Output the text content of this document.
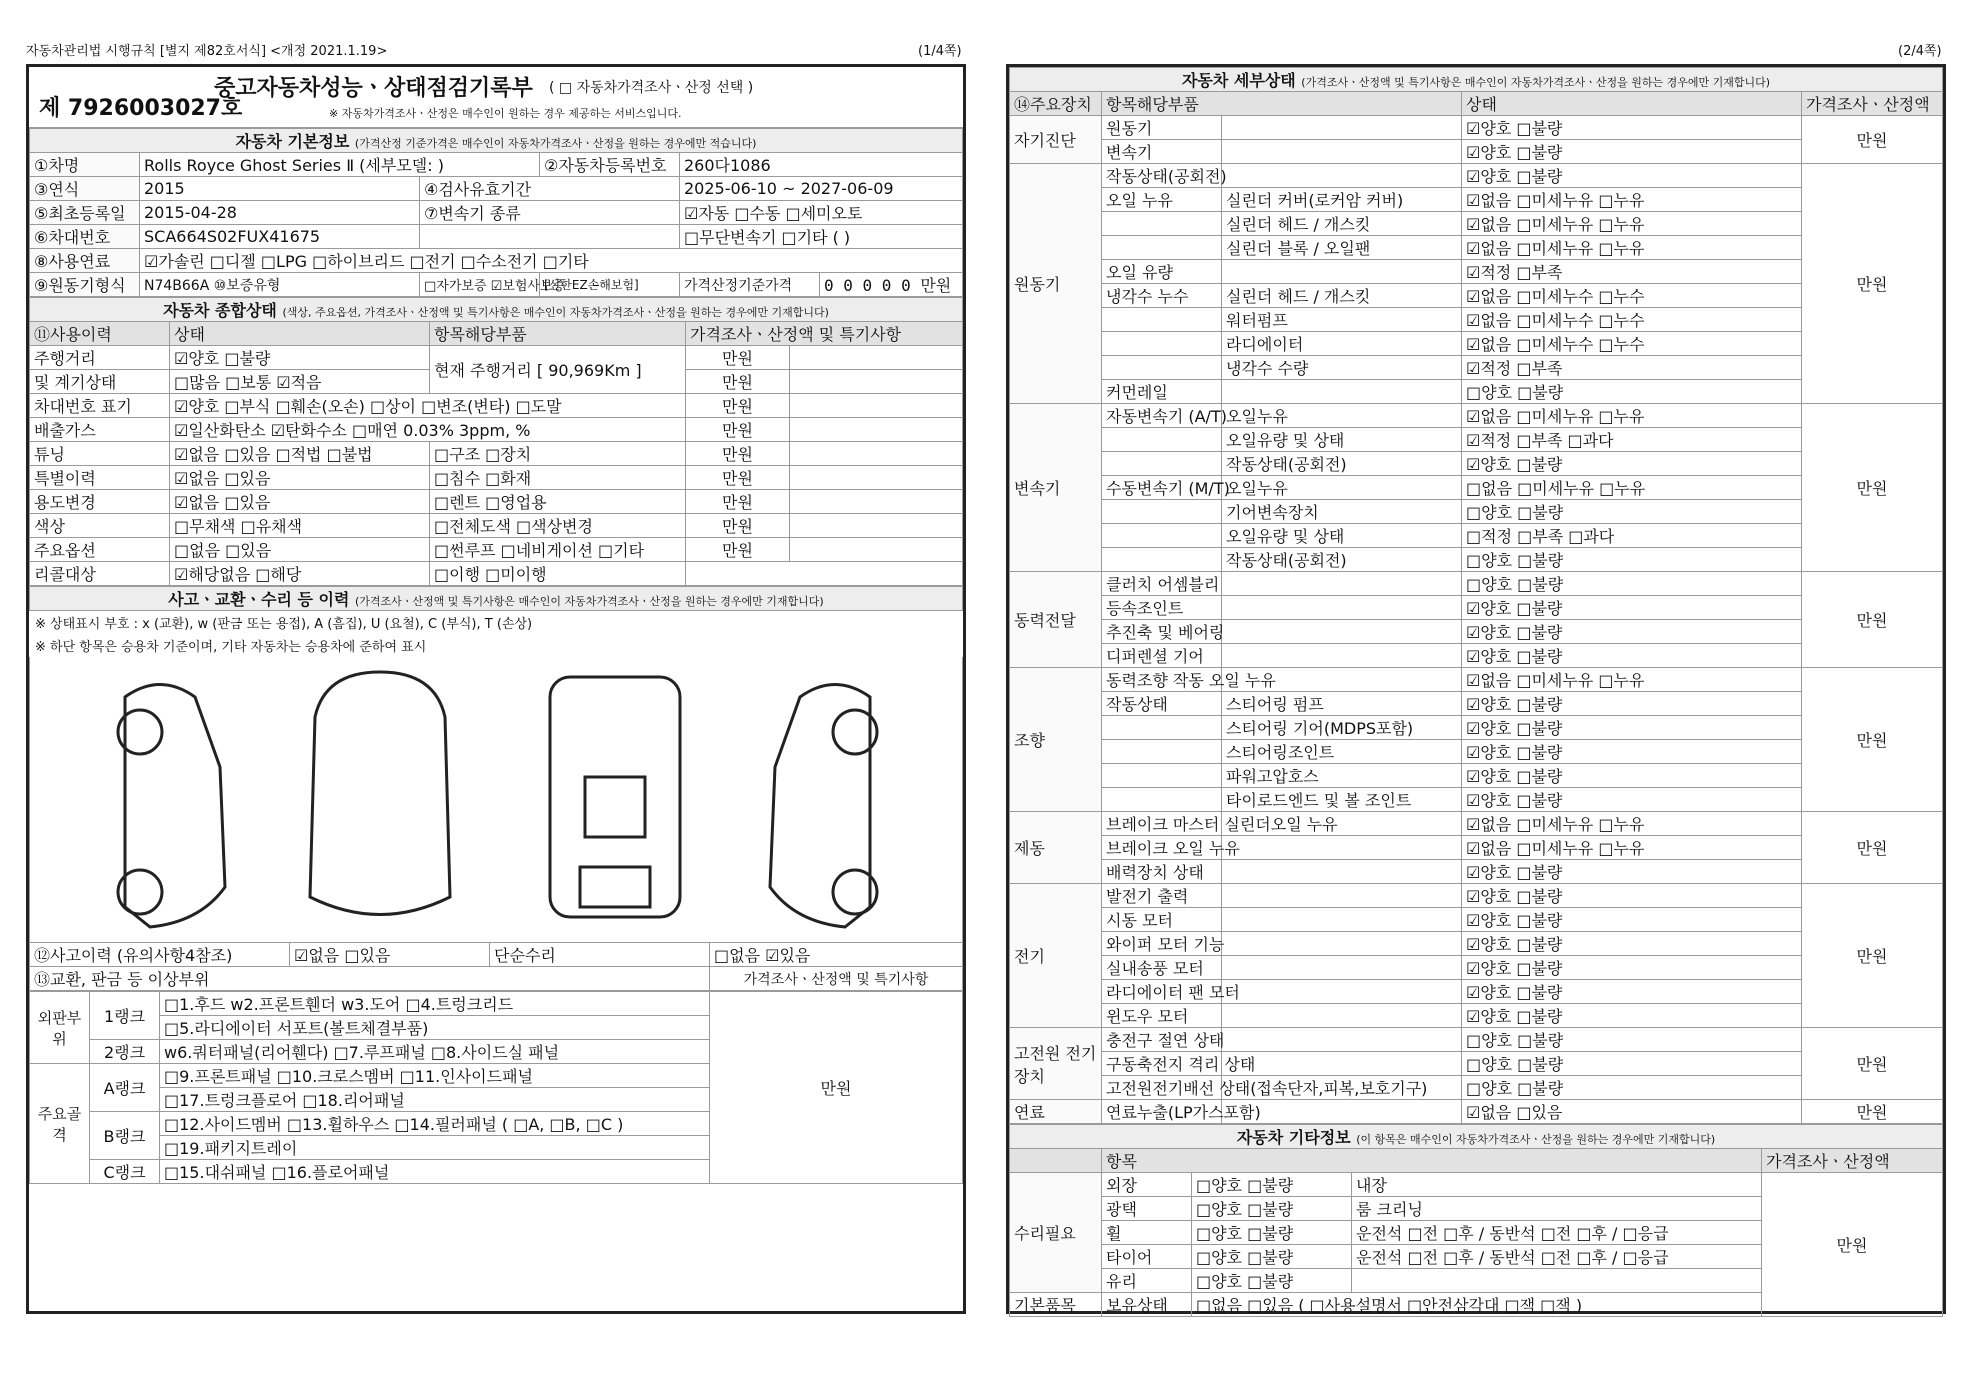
자동차관리법 시행규칙 [별지 제82호서식] <개정 2021.1.19>	(1/4쪽)	(2/4쪽)
제 7926003027호
중고자동차성능ㆍ상태점검기록부 ( □ 자동차가격조사ㆍ산정 선택 )
※ 자동차가격조사ㆍ산정은 매수인이 원하는 경우 제공하는 서비스입니다.
자동차 기본정보 (가격산정 기준가격은 매수인이 자동차가격조사ㆍ산정을 원하는 경우에만 적습니다)					
①차명	Rolls Royce Ghost Series Ⅱ (세부모델: )		②자동차등록번호	260다1086	
③연식	2015	④검사유효기간		2025-06-10 ~ 2027-06-09	
⑤최초등록일	2015-04-28	⑦변속기 종류		☑자동 □수동 □세미오토	
⑥차대번호	SCA664S02FUX41675			□무단변속기 □기타 ( )	
⑧사용연료	☑가솔린 □디젤 □LPG □하이브리드 □전기 □수소전기 □기타				
⑨원동기형식	N74B66A ⑩보증유형	□자가보증 ☑보험사보증	[신한EZ손해보험]	가격산정기준가격	0 0 0 0 0 만원
자동차 종합상태 (색상, 주요옵션, 가격조사ㆍ산정액 및 특기사항은 매수인이 자동차가격조사ㆍ산정을 원하는 경우에만 기재합니다)				
⑪사용이력	상태	항목해당부품	가격조사ㆍ산정액 및 특기사항	
주행거리	☑양호 □불량	현재 주행거리 [ 90,969Km ]	만원	
및 계기상태	□많음 □보통 ☑적음		만원	
차대번호 표기	☑양호 □부식 □훼손(오손) □상이 □변조(변타) □도말		만원	
배출가스	☑일산화탄소 ☑탄화수소 □매연 0.03% 3ppm, %		만원	
튜닝	☑없음 □있음 □적법 □불법	□구조 □장치	만원	
특별이력	☑없음 □있음	□침수 □화재	만원	
용도변경	☑없음 □있음	□렌트 □영업용	만원	
색상	□무채색 □유채색	□전체도색 □색상변경	만원	
주요옵션	□없음 □있음	□썬루프 □네비게이션 □기타	만원	
리콜대상	☑해당없음 □해당	□이행 □미이행		
사고ㆍ교환ㆍ수리 등 이력 (가격조사ㆍ산정액 및 특기사항은 매수인이 자동차가격조사ㆍ산정을 원하는 경우에만 기재합니다)
※ 상태표시 부호 : x (교환), w (판금 또는 용접), A (흠집), U (요철), C (부식), T (손상)
※ 하단 항목은 승용차 기준이며, 기타 자동차는 승용차에 준하여 표시
⑫사고이력 (유의사항4참조)	☑없음 □있음	단순수리	□없음 ☑있음
⑬교환, 판금 등 이상부위			가격조사ㆍ산정액 및 특기사항
외판부위	1랭크	□1.후드 w2.프론트휀더 w3.도어 □4.트렁크리드	만원
		□5.라디에이터 서포트(볼트체결부품)	
	2랭크	w6.쿼터패널(리어휀다) □7.루프패널 □8.사이드실 패널	
주요골격	A랭크	□9.프론트패널 □10.크로스멤버 □11.인사이드패널	
		□17.트렁크플로어 □18.리어패널	
	B랭크	□12.사이드멤버 □13.휠하우스 □14.필러패널 ( □A, □B, □C )	
		□19.패키지트레이	
	C랭크	□15.대쉬패널 □16.플로어패널	
자동차 세부상태 (가격조사ㆍ산정액 및 특기사항은 매수인이 자동차가격조사ㆍ산정을 원하는 경우에만 기재합니다)				
⑭주요장치	항목해당부품		상태	가격조사ㆍ산정액
자기진단	원동기		☑양호 □불량	만원
	변속기		☑양호 □불량	
원동기	작동상태(공회전)		☑양호 □불량	만원
	오일 누유	실린더 커버(로커암 커버)	☑없음 □미세누유 □누유	
		실린더 헤드 / 개스킷	☑없음 □미세누유 □누유	
		실린더 블록 / 오일팬	☑없음 □미세누유 □누유	
	오일 유량		☑적정 □부족	
	냉각수 누수	실린더 헤드 / 개스킷	☑없음 □미세누수 □누수	
		워터펌프	☑없음 □미세누수 □누수	
		라디에이터	☑없음 □미세누수 □누수	
		냉각수 수량	☑적정 □부족	
	커먼레일		□양호 □불량	
변속기	자동변속기 (A/T)	오일누유	☑없음 □미세누유 □누유	만원
		오일유량 및 상태	☑적정 □부족 □과다	
		작동상태(공회전)	☑양호 □불량	
	수동변속기 (M/T)	오일누유	□없음 □미세누유 □누유	
		기어변속장치	□양호 □불량	
		오일유량 및 상태	□적정 □부족 □과다	
		작동상태(공회전)	□양호 □불량	
동력전달	클러치 어셈블리		□양호 □불량	만원
	등속조인트		☑양호 □불량	
	추진축 및 베어링		☑양호 □불량	
	디퍼렌셜 기어		☑양호 □불량	
조향	동력조향 작동 오일 누유		☑없음 □미세누유 □누유	만원
	작동상태	스티어링 펌프	☑양호 □불량	
		스티어링 기어(MDPS포함)	☑양호 □불량	
		스티어링조인트	☑양호 □불량	
		파워고압호스	☑양호 □불량	
		타이로드엔드 및 볼 조인트	☑양호 □불량	
제동	브레이크 마스터 실린더오일 누유		☑없음 □미세누유 □누유	만원
	브레이크 오일 누유		☑없음 □미세누유 □누유	
	배력장치 상태		☑양호 □불량	
전기	발전기 출력		☑양호 □불량	만원
	시동 모터		☑양호 □불량	
	와이퍼 모터 기능		☑양호 □불량	
	실내송풍 모터		☑양호 □불량	
	라디에이터 팬 모터		☑양호 □불량	
	윈도우 모터		☑양호 □불량	
고전원 전기장치	충전구 절연 상태		□양호 □불량	만원
	구동축전지 격리 상태		□양호 □불량	
	고전원전기배선 상태(접속단자,피복,보호기구)		□양호 □불량	
연료	연료누출(LP가스포함)		☑없음 □있음	만원
자동차 기타정보 (이 항목은 매수인이 자동차가격조사ㆍ산정을 원하는 경우에만 기재합니다)				
	항목			가격조사ㆍ산정액
수리필요	외장	□양호 □불량	내장	만원
	광택	□양호 □불량	룸 크리닝	
	휠	□양호 □불량	운전석 □전 □후 / 동반석 □전 □후 / □응급	
	타이어	□양호 □불량	운전석 □전 □후 / 동반석 □전 □후 / □응급	
	유리	□양호 □불량		
기본품목	보유상태	□없음 □있음 ( □사용설명서 □안전삼각대 □잭 □잭 )		
